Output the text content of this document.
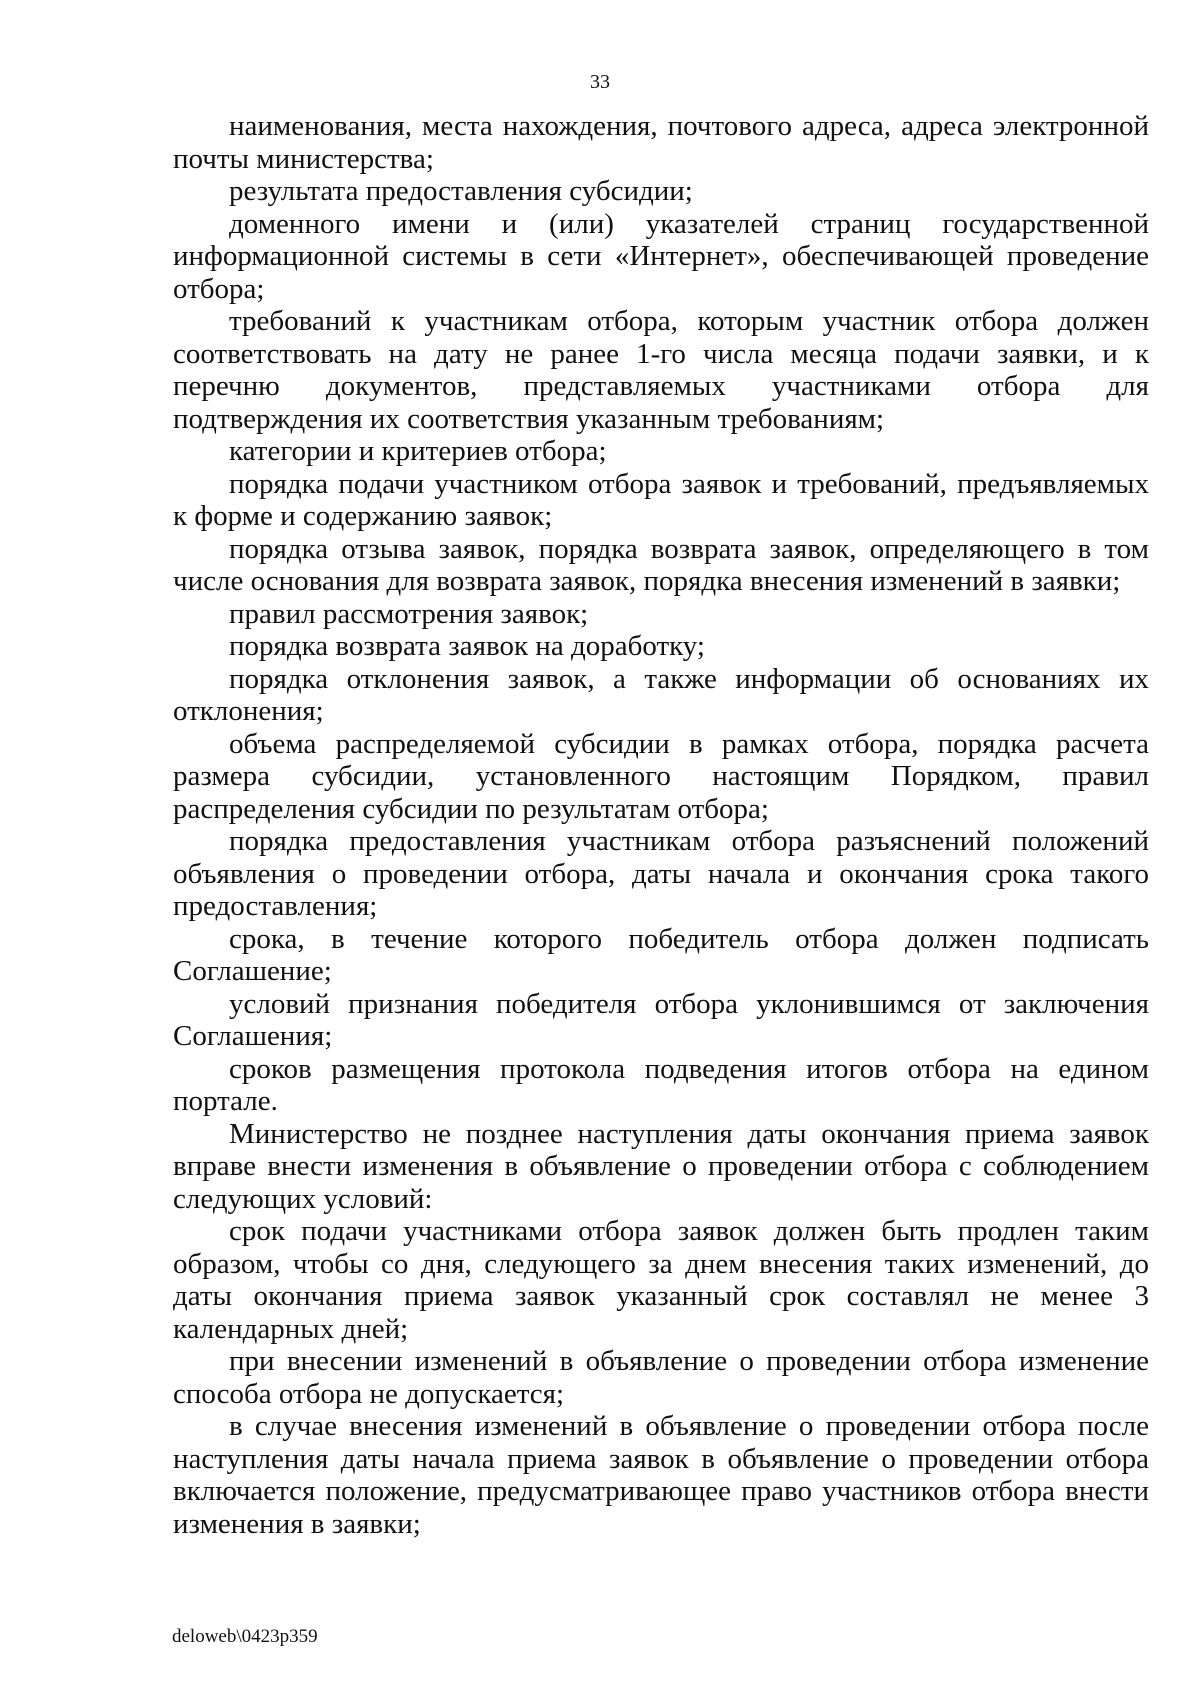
33

наименования, места нахождения, почтового адреса, адреса электронной почты министерства;

результата предоставления субсидии;

доменного имени и (или) указателей страниц государственной информационной системы в сети «Интернет», обеспечивающей проведение отбора;

требований к участникам отбора, которым участник отбора должен соответствовать на дату не ранее 1-го числа месяца подачи заявки, и к перечню документов, представляемых участниками отбора для подтверждения их соответствия указанным требованиям;

категории и критериев отбора;

порядка подачи участником отбора заявок и требований, предъявляемых к форме и содержанию заявок;

порядка отзыва заявок, порядка возврата заявок, определяющего в том числе основания для возврата заявок, порядка внесения изменений в заявки;

правил рассмотрения заявок;

порядка возврата заявок на доработку;

порядка отклонения заявок, а также информации об основаниях их отклонения;

объема распределяемой субсидии в рамках отбора, порядка расчета размера субсидии, установленного настоящим Порядком, правил распределения субсидии по результатам отбора;

порядка предоставления участникам отбора разъяснений положений объявления о проведении отбора, даты начала и окончания срока такого предоставления;

срока, в течение которого победитель отбора должен подписать Соглашение;

условий признания победителя отбора уклонившимся от заключения Соглашения;

сроков размещения протокола подведения итогов отбора на едином портале.

Министерство не позднее наступления даты окончания приема заявок вправе внести изменения в объявление о проведении отбора с соблюдением следующих условий:

срок подачи участниками отбора заявок должен быть продлен таким образом, чтобы со дня, следующего за днем внесения таких изменений, до даты окончания приема заявок указанный срок составлял не менее 3 календарных дней;

при внесении изменений в объявление о проведении отбора изменение способа отбора не допускается;

в случае внесения изменений в объявление о проведении отбора после наступления даты начала приема заявок в объявление о проведении отбора включается положение, предусматривающее право участников отбора внести изменения в заявки;

deloweb\0423p359
